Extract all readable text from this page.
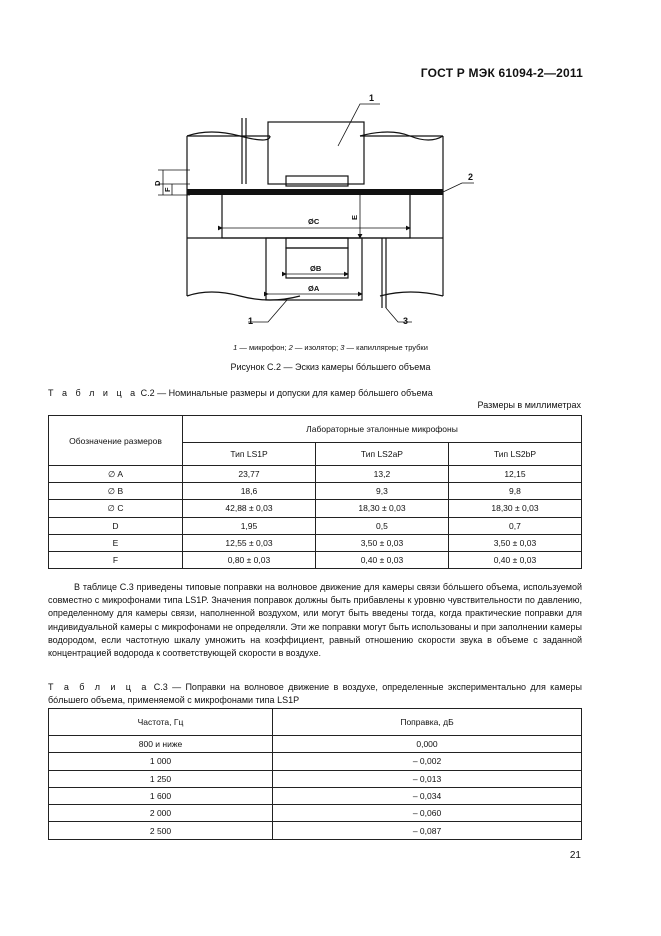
ГОСТ Р МЭК 61094-2—2011
1
2
1	3
D
F
E
ØC
ØB
ØA
1 — микрофон; 2 — изолятор; 3 — капиллярные трубки
Рисунок C.2 — Эскиз камеры бóльшего объема
Т а б л и ц а С.2 — Номинальные размеры и допуски для камер бóльшего объема
Размеры в миллиметрах
Обозначение размеров	Лабораторные эталонные микрофоны		
	Тип LS1P	Тип LS2aP	Тип LS2bP
∅ A	23,77	13,2	12,15
∅ B	18,6	9,3	9,8
∅ C	42,88 ± 0,03	18,30 ± 0,03	18,30 ± 0,03
D	1,95	0,5	0,7
E	12,55 ± 0,03	3,50 ± 0,03	3,50 ± 0,03
F	0,80 ± 0,03	0,40 ± 0,03	0,40 ± 0,03
В таблице С.3 приведены типовые поправки на волновое движение для камеры связи бóльшего объема, используемой совместно с микрофонами типа LS1P. Значения поправок должны быть прибавлены к уровню чувствительности по давлению, определенному для камеры связи, наполненной воздухом, или могут быть введены тогда, когда практические поправки для индивидуальной камеры с микрофонами не определяли. Эти же поправки могут быть использованы и при заполнении камеры водородом, если частотную шкалу умножить на коэффициент, равный отношению скорости звука в объеме с заданной концентрацией водорода к соответствующей скорости в воздухе.
Т а б л и ц а С.3 — Поправки на волновое движение в воздухе, определенные экспериментально для камеры бóльшего объема, применяемой с микрофонами типа LS1P
Частота, Гц	Поправка, дБ
800 и ниже	0,000
1 000	– 0,002
1 250	– 0,013
1 600	– 0,034
2 000	– 0,060
2 500	– 0,087
21
